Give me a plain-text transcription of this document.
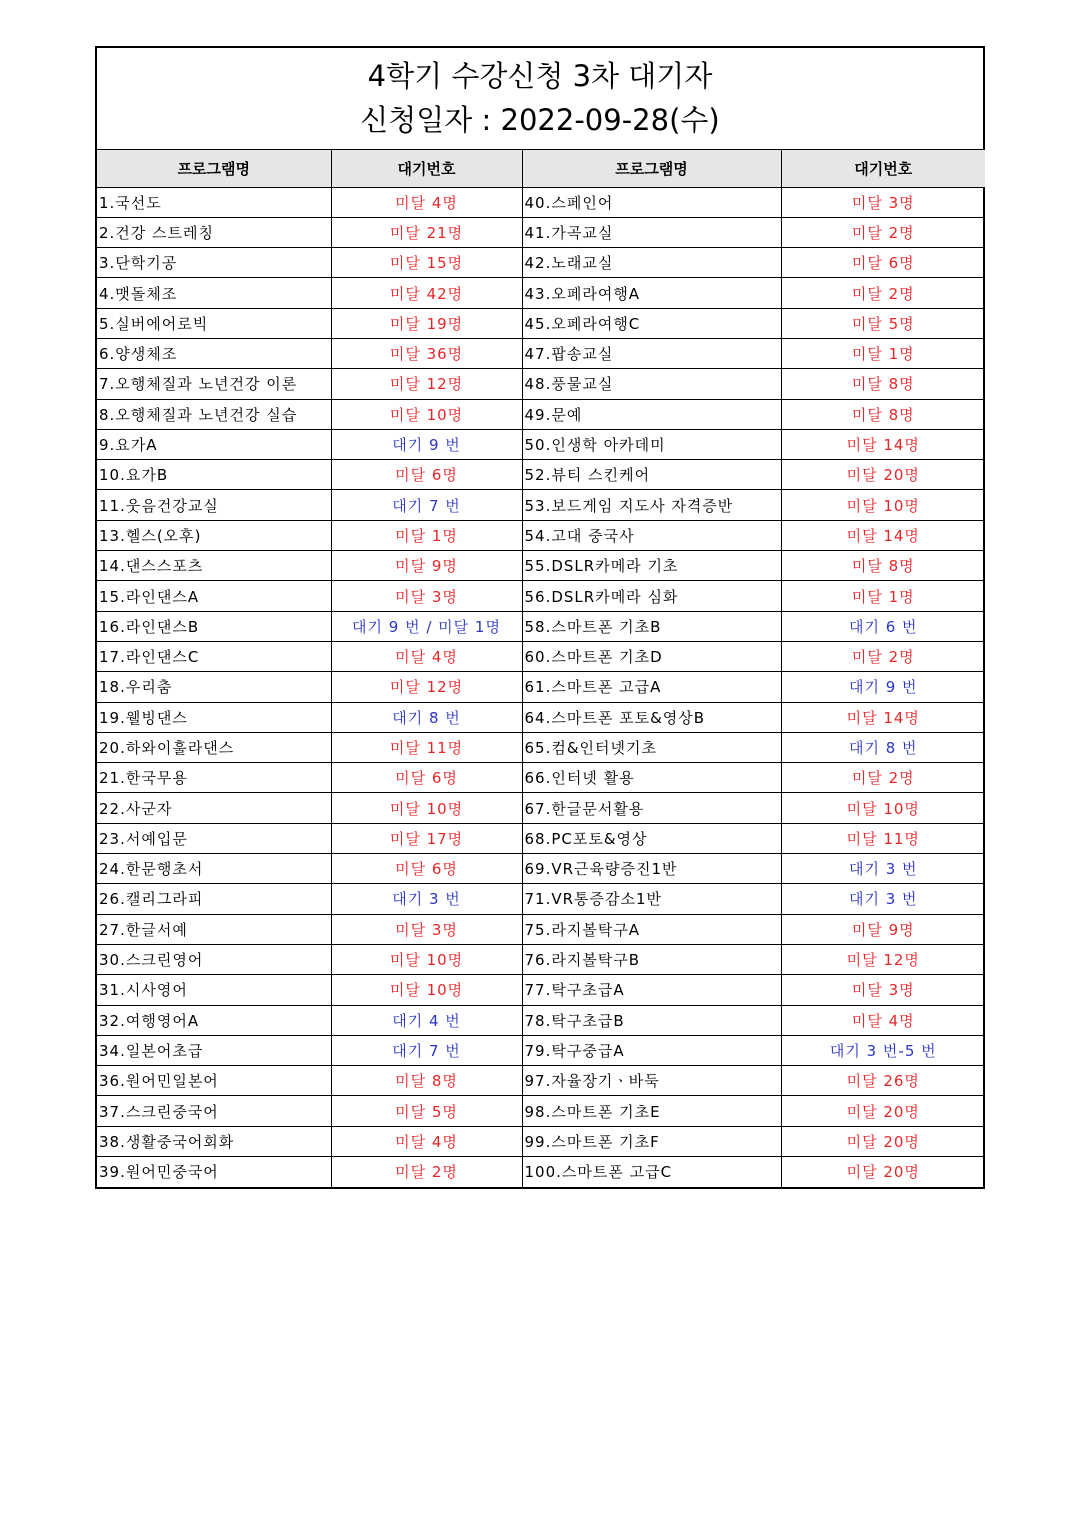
4학기 수강신청 3차 대기자
신청일자 : 2022-09-28(수)
프로그램명	대기번호	프로그램명	대기번호
1.국선도	미달 4명	40.스페인어	미달 3명
2.건강 스트레칭	미달 21명	41.가곡교실	미달 2명
3.단학기공	미달 15명	42.노래교실	미달 6명
4.맷돌체조	미달 42명	43.오페라여행A	미달 2명
5.실버에어로빅	미달 19명	45.오페라여행C	미달 5명
6.양생체조	미달 36명	47.팝송교실	미달 1명
7.오행체질과 노년건강 이론	미달 12명	48.풍물교실	미달 8명
8.오행체질과 노년건강 실습	미달 10명	49.문예	미달 8명
9.요가A	대기 9 번	50.인생학 아카데미	미달 14명
10.요가B	미달 6명	52.뷰티 스킨케어	미달 20명
11.웃음건강교실	대기 7 번	53.보드게임 지도사 자격증반	미달 10명
13.헬스(오후)	미달 1명	54.고대 중국사	미달 14명
14.댄스스포츠	미달 9명	55.DSLR카메라 기초	미달 8명
15.라인댄스A	미달 3명	56.DSLR카메라 심화	미달 1명
16.라인댄스B	대기 9 번 / 미달 1명	58.스마트폰 기초B	대기 6 번
17.라인댄스C	미달 4명	60.스마트폰 기초D	미달 2명
18.우리춤	미달 12명	61.스마트폰 고급A	대기 9 번
19.웰빙댄스	대기 8 번	64.스마트폰 포토&영상B	미달 14명
20.하와이훌라댄스	미달 11명	65.컴&인터넷기초	대기 8 번
21.한국무용	미달 6명	66.인터넷 활용	미달 2명
22.사군자	미달 10명	67.한글문서활용	미달 10명
23.서예입문	미달 17명	68.PC포토&영상	미달 11명
24.한문행초서	미달 6명	69.VR근육량증진1반	대기 3 번
26.캘리그라피	대기 3 번	71.VR통증감소1반	대기 3 번
27.한글서예	미달 3명	75.라지볼탁구A	미달 9명
30.스크린영어	미달 10명	76.라지볼탁구B	미달 12명
31.시사영어	미달 10명	77.탁구초급A	미달 3명
32.여행영어A	대기 4 번	78.탁구초급B	미달 4명
34.일본어초급	대기 7 번	79.탁구중급A	대기 3 번-5 번
36.원어민일본어	미달 8명	97.자율장기ㆍ바둑	미달 26명
37.스크린중국어	미달 5명	98.스마트폰 기초E	미달 20명
38.생활중국어회화	미달 4명	99.스마트폰 기초F	미달 20명
39.원어민중국어	미달 2명	100.스마트폰 고급C	미달 20명
